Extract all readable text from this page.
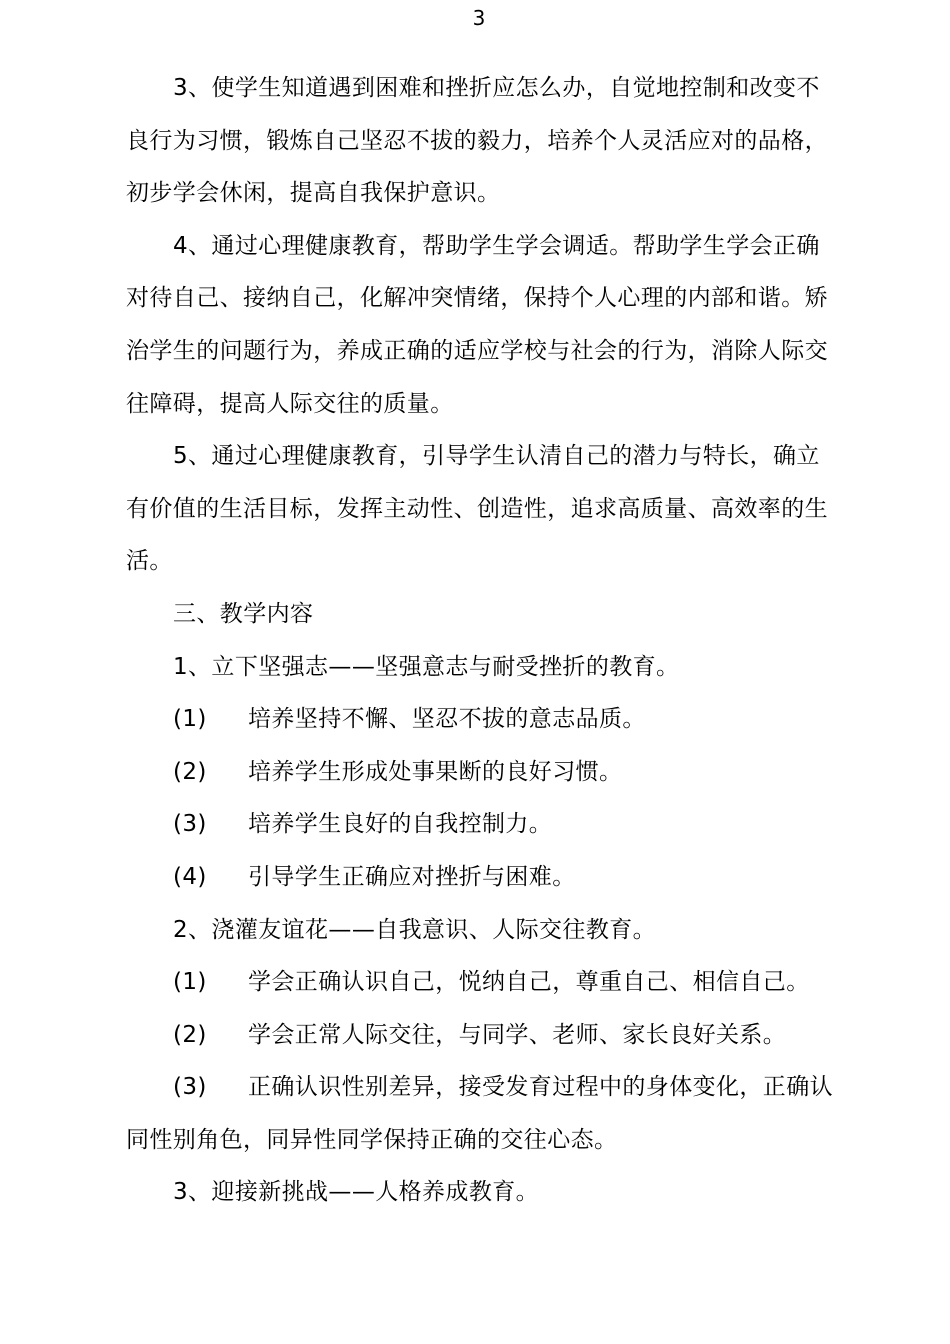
3

3、使学生知道遇到困难和挫折应怎么办，自觉地控制和改变不

良行为习惯，锻炼自己坚忍不拔的毅力，培养个人灵活应对的品格，

初步学会休闲，提高自我保护意识。

4、通过心理健康教育，帮助学生学会调适。帮助学生学会正确

对待自己、接纳自己，化解冲突情绪，保持个人心理的内部和谐。矫

治学生的问题行为，养成正确的适应学校与社会的行为，消除人际交

往障碍，提高人际交往的质量。

5、通过心理健康教育，引导学生认清自己的潜力与特长，确立

有价值的生活目标，发挥主动性、创造性，追求高质量、高效率的生

活。

三、教学内容

1、立下坚强志——坚强意志与耐受挫折的教育。

(1) 培养坚持不懈、坚忍不拔的意志品质。

(2) 培养学生形成处事果断的良好习惯。

(3) 培养学生良好的自我控制力。

(4) 引导学生正确应对挫折与困难。

2、浇灌友谊花——自我意识、人际交往教育。

(1) 学会正确认识自己，悦纳自己，尊重自己、相信自己。

(2) 学会正常人际交往，与同学、老师、家长良好关系。

(3) 正确认识性别差异，接受发育过程中的身体变化，正确认

同性别角色，同异性同学保持正确的交往心态。

3、迎接新挑战——人格养成教育。
